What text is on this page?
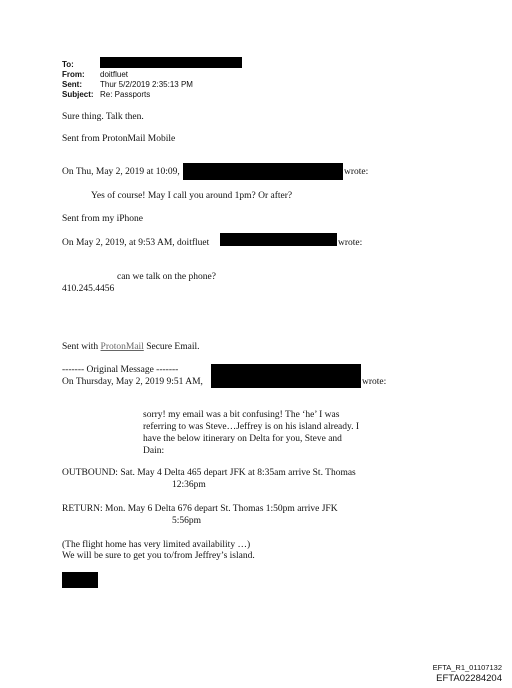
To:
From: doitfluet
Sent: Thur 5/2/2019 2:35:13 PM
Subject: Re: Passports
Sure thing. Talk then.
Sent from ProtonMail Mobile
On Thu, May 2, 2019 at 10:09,	wrote:
Yes of course! May I call you around 1pm? Or after?
Sent from my iPhone
On May 2, 2019, at 9:53 AM, doitfluet	wrote:
can we talk on the phone?
410.245.4456
Sent with ProtonMail Secure Email.
------- Original Message -------
On Thursday, May 2, 2019 9:51 AM,	wrote:
sorry! my email was a bit confusing! The ‘he’ I was
referring to was Steve…Jeffrey is on his island already. I
have the below itinerary on Delta for you, Steve and
Dain:
OUTBOUND: Sat. May 4 Delta 465 depart JFK at 8:35am arrive St. Thomas
12:36pm
RETURN: Mon. May 6 Delta 676 depart St. Thomas 1:50pm arrive JFK
5:56pm
(The flight home has very limited availability …)
We will be sure to get you to/from Jeffrey’s island.
EFTA_R1_01107132
EFTA02284204
